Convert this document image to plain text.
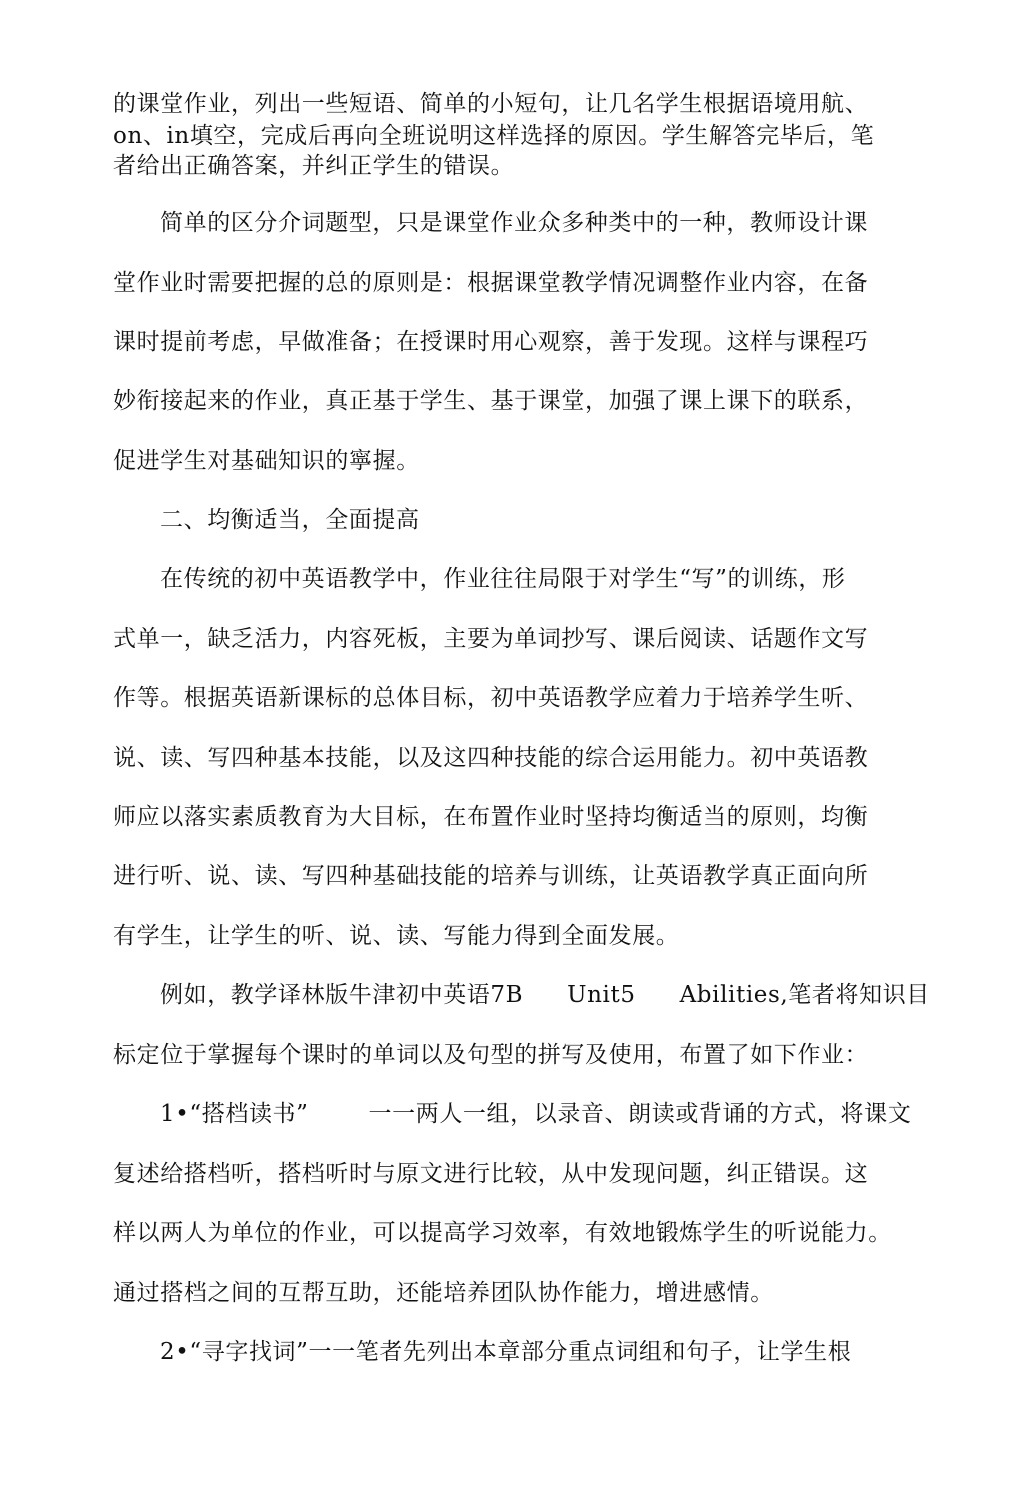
的课堂作业，列出一些短语、简单的小短句，让几名学生根据语境用航、
on、in填空，完成后再向全班说明这样选择的原因。学生解答完毕后，笔
者给出正确答案，并纠正学生的错误。
简单的区分介词题型，只是课堂作业众多种类中的一种，教师设计课
堂作业时需要把握的总的原则是：根据课堂教学情况调整作业内容，在备
课时提前考虑，早做准备；在授课时用心观察，善于发现。这样与课程巧
妙衔接起来的作业，真正基于学生、基于课堂，加强了课上课下的联系，
促进学生对基础知识的寧握。
二、均衡适当，全面提高
在传统的初中英语教学中，作业往往局限于对学生“写”的训练，形
式单一，缺乏活力，内容死板，主要为单词抄写、课后阅读、话题作文写
作等。根据英语新课标的总体目标，初中英语教学应着力于培养学生听、
说、读、写四种基本技能，以及这四种技能的综合运用能力。初中英语教
师应以落实素质教育为大目标，在布置作业时坚持均衡适当的原则，均衡
进行听、说、读、写四种基础技能的培养与训练，让英语教学真正面向所
有学生，让学生的听、说、读、写能力得到全面发展。
例如，教学译林版牛津初中英语7B Unit5 Abilities,笔者将知识目
标定位于掌握每个课时的单词以及句型的拼写及使用，布置了如下作业：
1•“搭档读书”	一一两人一组，以录音、朗读或背诵的方式，将课文
复述给搭档听，搭档听时与原文进行比较，从中发现问题，纠正错误。这
样以两人为单位的作业，可以提高学习效率，有效地锻炼学生的听说能力。
通过搭档之间的互帮互助，还能培养团队协作能力，增进感情。
2•“寻字找词”一一笔者先列出本章部分重点词组和句子，让学生根
